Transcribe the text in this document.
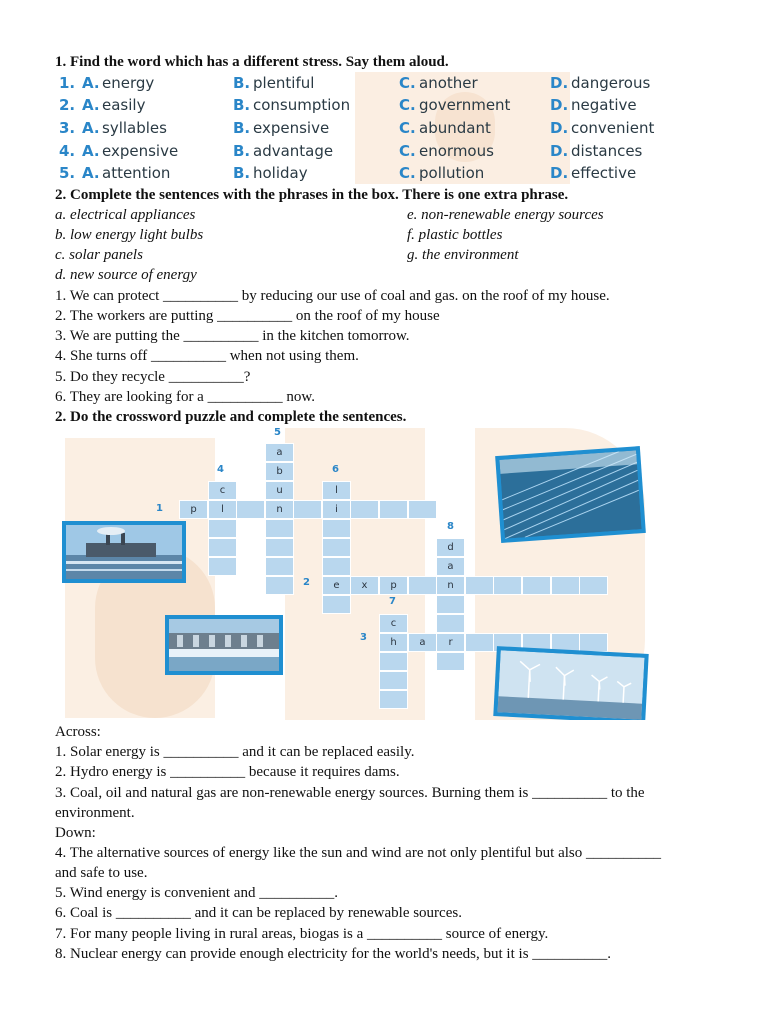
1. Find the word which has a different stress. Say them aloud.
1. A. energy	B. plentiful	C. another	D. dangerous
2. A. easily	B. consumption	C. government	D. negative
3. A. syllables	B. expensive	C. abundant	D. convenient
4. A. expensive	B. advantage	C. enormous	D. distances
5. A. attention	B. holiday	C. pollution	D. effective
2. Complete the sentences with the phrases in the box. There is one extra phrase.
a. electrical appliances	e. non-renewable energy sources
b. low energy light bulbs	f. plastic bottles
c. solar panels	g. the environment
d. new source of energy
1. We can protect __________ by reducing our use of coal and gas. on the roof of my house.
2. The workers are putting __________ on the roof of my house
3. We are putting the __________ in the kitchen tomorrow.
4. She turns off __________ when not using them.
5. Do they recycle __________?
6. They are looking for a __________ now.
2. Do the crossword puzzle and complete the sentences.
5
4	6
1
8
2
7
3
a
b
u
n
c
l
l
i
p
d
a
n
e	x	p
c
h	a	r
Across:
1. Solar energy is __________ and it can be replaced easily.
2. Hydro energy is __________ because it requires dams.
3. Coal, oil and natural gas are non-renewable energy sources. Burning them is __________ to the
environment.
Down:
4. The alternative sources of energy like the sun and wind are not only plentiful but also __________
and safe to use.
5. Wind energy is convenient and __________.
6. Coal is __________ and it can be replaced by renewable sources.
7. For many people living in rural areas, biogas is a __________ source of energy.
8. Nuclear energy can provide enough electricity for the world's needs, but it is __________.
